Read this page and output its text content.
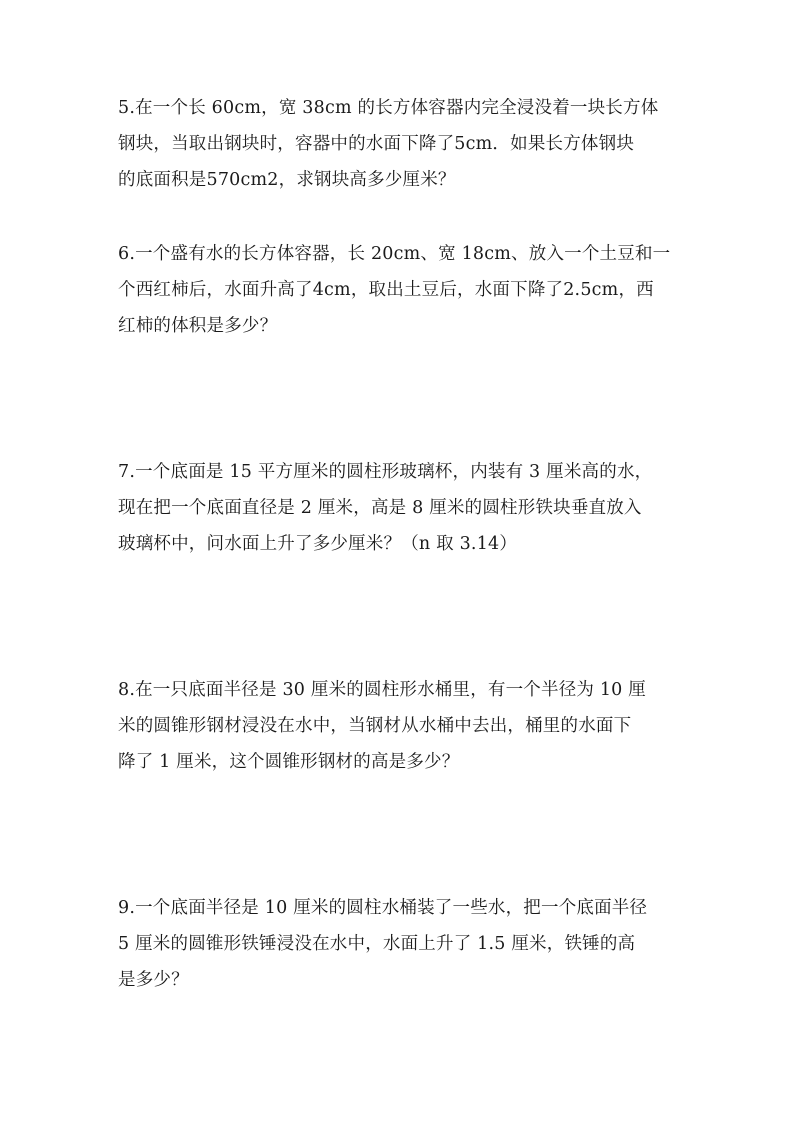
5.在一个长 60cm，宽 38cm 的长方体容器内完全浸没着一块长方体
钢块，当取出钢块时，容器中的水面下降了5cm．如果长方体钢块
的底面积是570cm2，求钢块高多少厘米？
6.一个盛有水的长方体容器，长 20cm、宽 18cm、放入一个土豆和一
个西红柿后，水面升高了4cm，取出土豆后，水面下降了2.5cm，西
红柿的体积是多少？
7.一个底面是 15 平方厘米的圆柱形玻璃杯，内装有 3 厘米高的水，
现在把一个底面直径是 2 厘米，高是 8 厘米的圆柱形铁块垂直放入
玻璃杯中，问水面上升了多少厘米？（n 取 3.14）
8.在一只底面半径是 30 厘米的圆柱形水桶里，有一个半径为 10 厘
米的圆锥形钢材浸没在水中，当钢材从水桶中去出，桶里的水面下
降了 1 厘米，这个圆锥形钢材的高是多少？
9.一个底面半径是 10 厘米的圆柱水桶装了一些水，把一个底面半径
5 厘米的圆锥形铁锤浸没在水中，水面上升了 1.5 厘米，铁锤的高
是多少？
